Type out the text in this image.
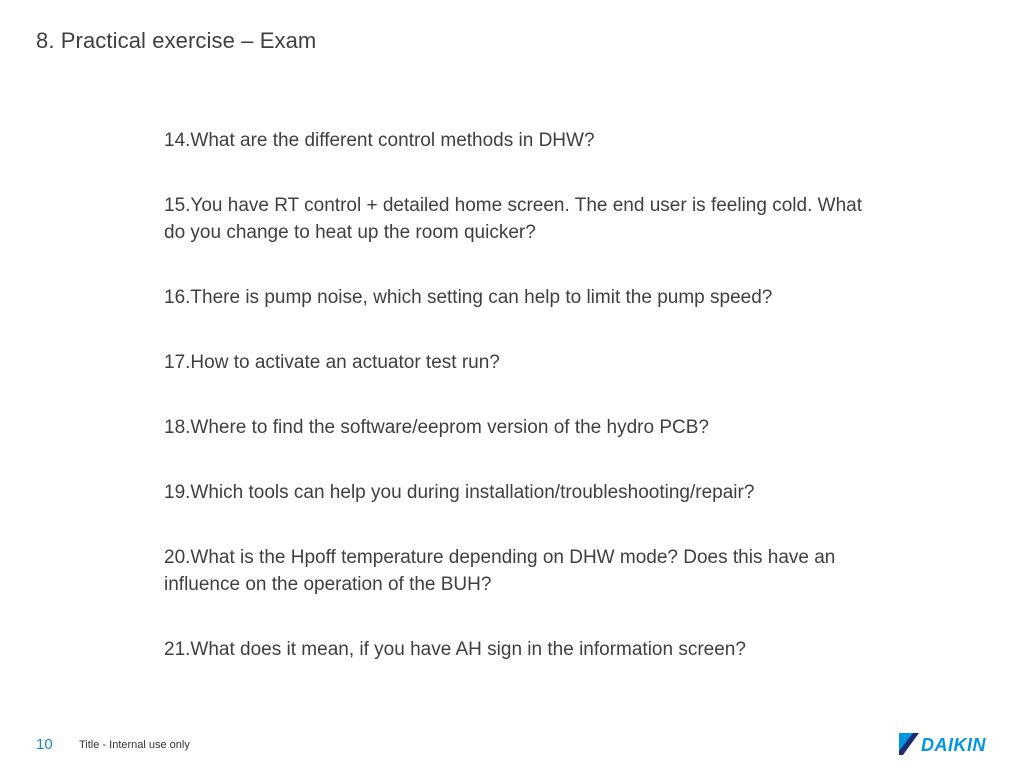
8. Practical exercise – Exam
14.What are the different control methods in DHW?
15.You have RT control + detailed home screen. The end user is feeling cold. What do you change to heat up the room quicker?
16.There is pump noise, which setting can help to limit the pump speed?
17.How to activate an actuator test run?
18.Where to find the software/eeprom version of the hydro PCB?
19.Which tools can help you during installation/troubleshooting/repair?
20.What is the Hpoff temperature depending on DHW mode? Does this have an influence on the operation of the BUH?
21.What does it mean, if you have AH sign in the information screen?
10 Title - Internal use only	DAIKIN
